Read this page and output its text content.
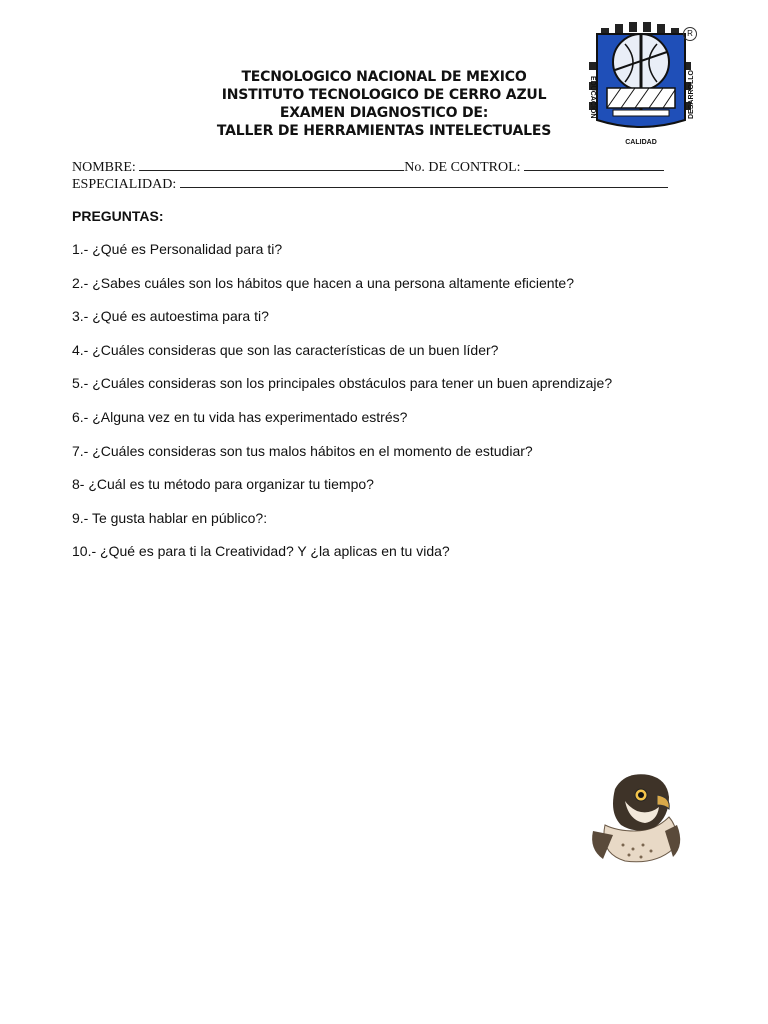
TECNOLOGICO NACIONAL DE MEXICO
INSTITUTO TECNOLOGICO DE CERRO AZUL
EXAMEN DIAGNOSTICO DE:
TALLER DE HERRAMIENTAS INTELECTUALES
EDUCACION	DESARROLLO
CALIDAD
R
NOMBRE:	No. DE CONTROL:
ESPECIALIDAD:
PREGUNTAS:
1.- ¿Qué es Personalidad para ti?
2.- ¿Sabes cuáles son los hábitos que hacen a una persona altamente eficiente?
3.- ¿Qué es autoestima para ti?
4.- ¿Cuáles consideras que son las características de un buen líder?
5.- ¿Cuáles consideras son los principales obstáculos para tener un buen aprendizaje?
6.- ¿Alguna vez en tu vida has experimentado estrés?
7.- ¿Cuáles consideras son tus malos hábitos en el momento de estudiar?
8- ¿Cuál es tu método para organizar tu tiempo?
9.- Te gusta hablar en público?:
10.- ¿Qué es para ti la Creatividad? Y ¿la aplicas en tu vida?
